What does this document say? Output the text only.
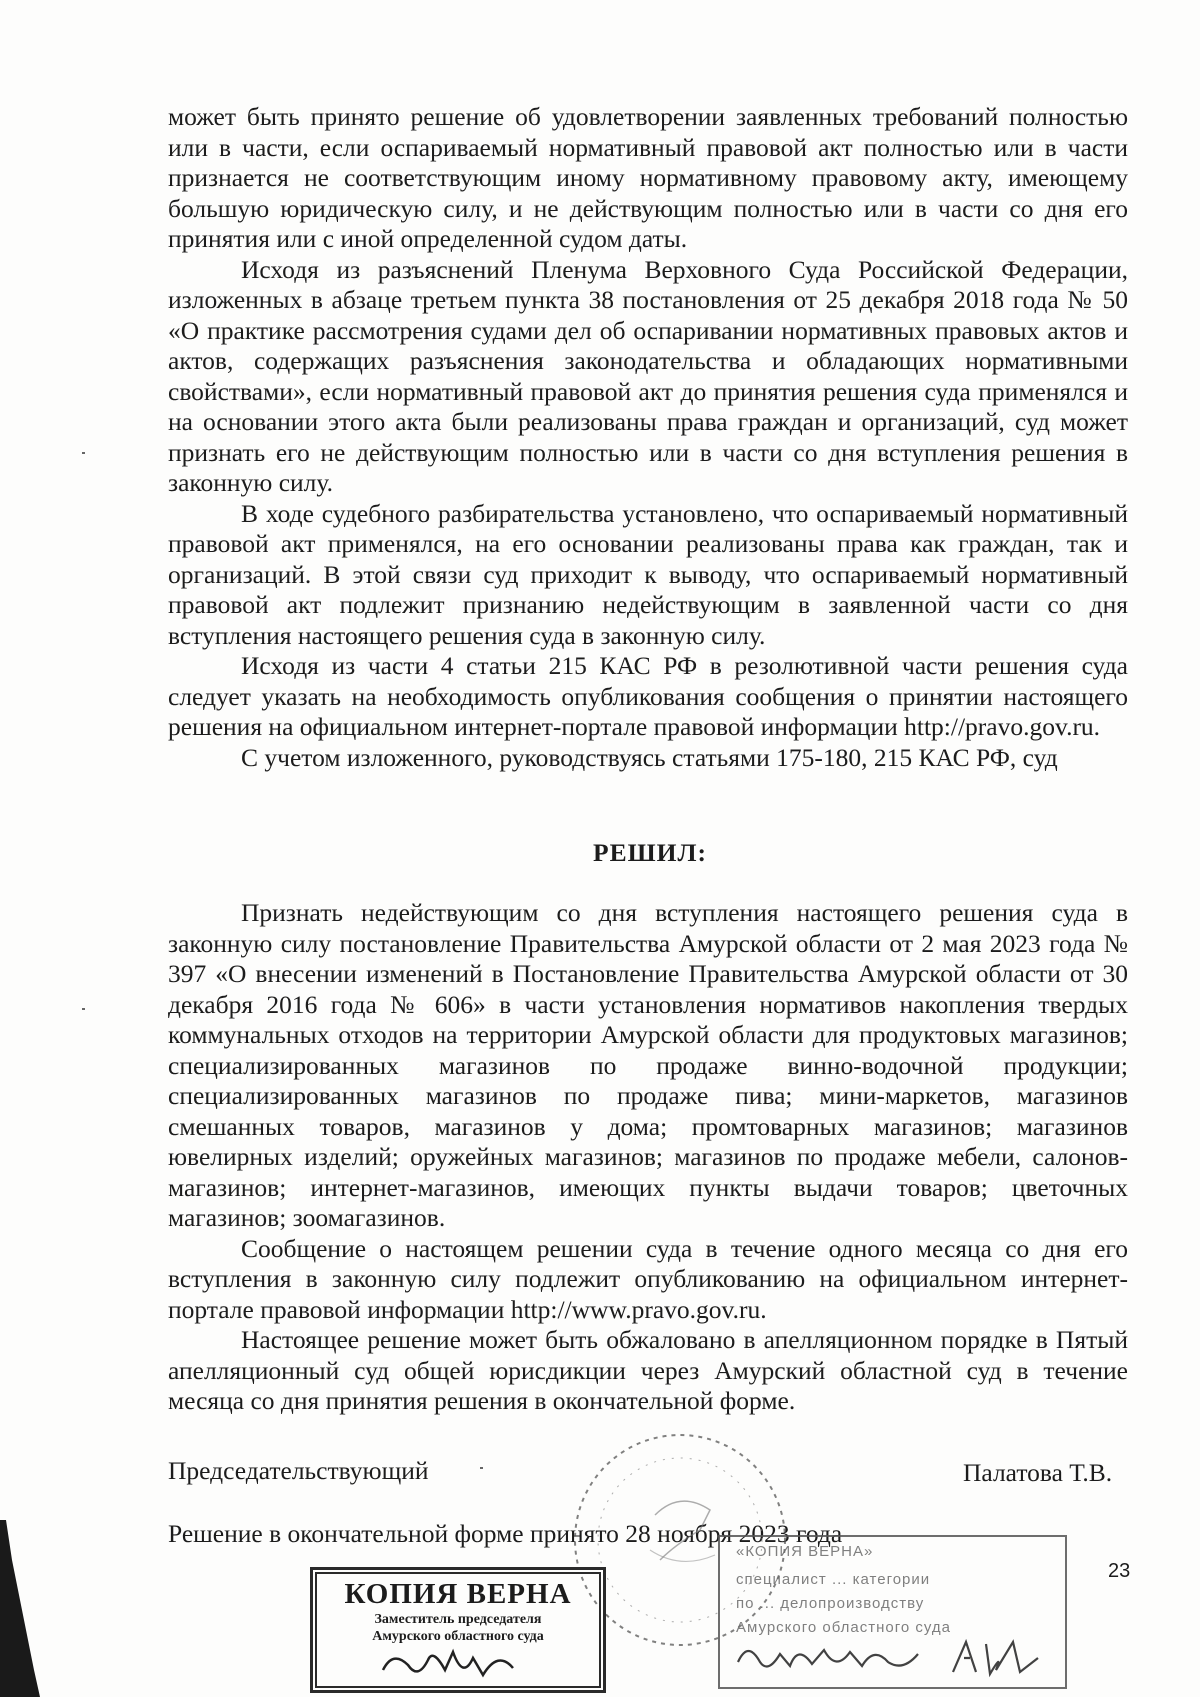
может быть принято решение об удовлетворении заявленных требований полностью или в части, если оспариваемый нормативный правовой акт полностью или в части признается не соответствующим иному нормативному правовому акту, имеющему большую юридическую силу, и не действующим полностью или в части со дня его принятия или с иной определенной судом даты.

Исходя из разъяснений Пленума Верховного Суда Российской Федерации, изложенных в абзаце третьем пункта 38 постановления от 25 декабря 2018 года № 50 «О практике рассмотрения судами дел об оспаривании нормативных правовых актов и актов, содержащих разъяснения законодательства и обладающих нормативными свойствами», если нормативный правовой акт до принятия решения суда применялся и на основании этого акта были реализованы права граждан и организаций, суд может признать его не действующим полностью или в части со дня вступления решения в законную силу.

В ходе судебного разбирательства установлено, что оспариваемый нормативный правовой акт применялся, на его основании реализованы права как граждан, так и организаций. В этой связи суд приходит к выводу, что оспариваемый нормативный правовой акт подлежит признанию недействующим в заявленной части со дня вступления настоящего решения суда в законную силу.

Исходя из части 4 статьи 215 КАС РФ в резолютивной части решения суда следует указать на необходимость опубликования сообщения о принятии настоящего решения на официальном интернет-портале правовой информации http://pravo.gov.ru.

С учетом изложенного, руководствуясь статьями 175-180, 215 КАС РФ, суд

РЕШИЛ:

Признать недействующим со дня вступления настоящего решения суда в законную силу постановление Правительства Амурской области от 2 мая 2023 года № 397 «О внесении изменений в Постановление Правительства Амурской области от 30 декабря 2016 года № 606» в части установления нормативов накопления твердых коммунальных отходов на территории Амурской области для продуктовых магазинов; специализированных магазинов по продаже винно-водочной продукции; специализированных магазинов по продаже пива; мини-маркетов, магазинов смешанных товаров, магазинов у дома; промтоварных магазинов; магазинов ювелирных изделий; оружейных магазинов; магазинов по продаже мебели, салонов-магазинов; интернет-магазинов, имеющих пункты выдачи товаров; цветочных магазинов; зоомагазинов.

Сообщение о настоящем решении суда в течение одного месяца со дня его вступления в законную силу подлежит опубликованию на официальном интернет-портале правовой информации http://www.pravo.gov.ru.

Настоящее решение может быть обжаловано в апелляционном порядке в Пятый апелляционный суд общей юрисдикции через Амурский областной суд в течение месяца со дня принятия решения в окончательной форме.

Председательствующий	Палатова Т.В.
Решение в окончательной форме принято 28 ноября 2023 года
23
КОПИЯ ВЕРНА
Заместитель председателя
Амурского областного суда
«КОПИЯ ВЕРНА»
специалист ... категории
по ... делопроизводству
Амурского областного суда
